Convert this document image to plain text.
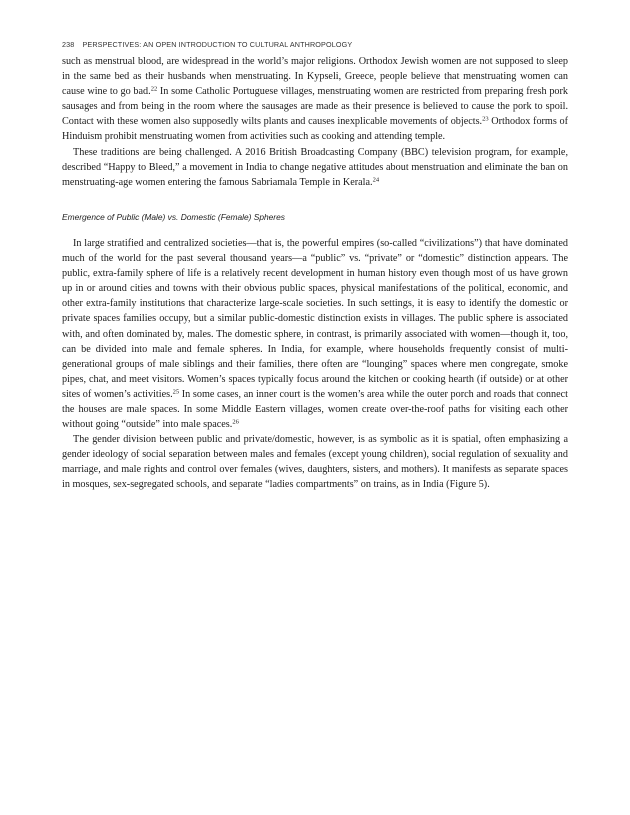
238 PERSPECTIVES: AN OPEN INTRODUCTION TO CULTURAL ANTHROPOLOGY

such as menstrual blood, are widespread in the world’s major religions. Orthodox Jewish women are not supposed to sleep in the same bed as their husbands when menstruating. In Kypseli, Greece, people believe that menstruating women can cause wine to go bad.$^{22}$ In some Catholic Portuguese villages, menstruating women are restricted from preparing fresh pork sausages and from being in the room where the sausages are made as their presence is believed to cause the pork to spoil. Contact with these women also supposedly wilts plants and causes inexplicable movements of objects.$^{23}$ Orthodox forms of Hinduism prohibit menstruating women from activities such as cooking and attending temple.

These traditions are being challenged. A 2016 British Broadcasting Company (BBC) television program, for example, described “Happy to Bleed,” a movement in India to change negative attitudes about menstruation and eliminate the ban on menstruating-age women entering the famous Sabriamala Temple in Kerala.$^{24}$

Emergence of Public (Male) vs. Domestic (Female) Spheres

In large stratified and centralized societies—that is, the powerful empires (so-called “civilizations”) that have dominated much of the world for the past several thousand years—a “public” vs. “private” or “domestic” distinction appears. The public, extra-family sphere of life is a relatively recent development in human history even though most of us have grown up in or around cities and towns with their obvious public spaces, physical manifestations of the political, economic, and other extra-family institutions that characterize large-scale societies. In such settings, it is easy to identify the domestic or private spaces families occupy, but a similar public-domestic distinction exists in villages. The public sphere is associated with, and often dominated by, males. The domestic sphere, in contrast, is primarily associated with women—though it, too, can be divided into male and female spheres. In India, for example, where households frequently consist of multi-generational groups of male siblings and their families, there often are “lounging” spaces where men congregate, smoke pipes, chat, and meet visitors. Women’s spaces typically focus around the kitchen or cooking hearth (if outside) or at other sites of women’s activities.$^{25}$ In some cases, an inner court is the women’s area while the outer porch and roads that connect the houses are male spaces. In some Middle Eastern villages, women create over-the-roof paths for visiting each other without going “outside” into male spaces.$^{26}$

The gender division between public and private/domestic, however, is as symbolic as it is spatial, often emphasizing a gender ideology of social separation between males and females (except young children), social regulation of sexuality and marriage, and male rights and control over females (wives, daughters, sisters, and mothers). It manifests as separate spaces in mosques, sex-segregated schools, and separate “ladies compartments” on trains, as in India (Figure 5).
